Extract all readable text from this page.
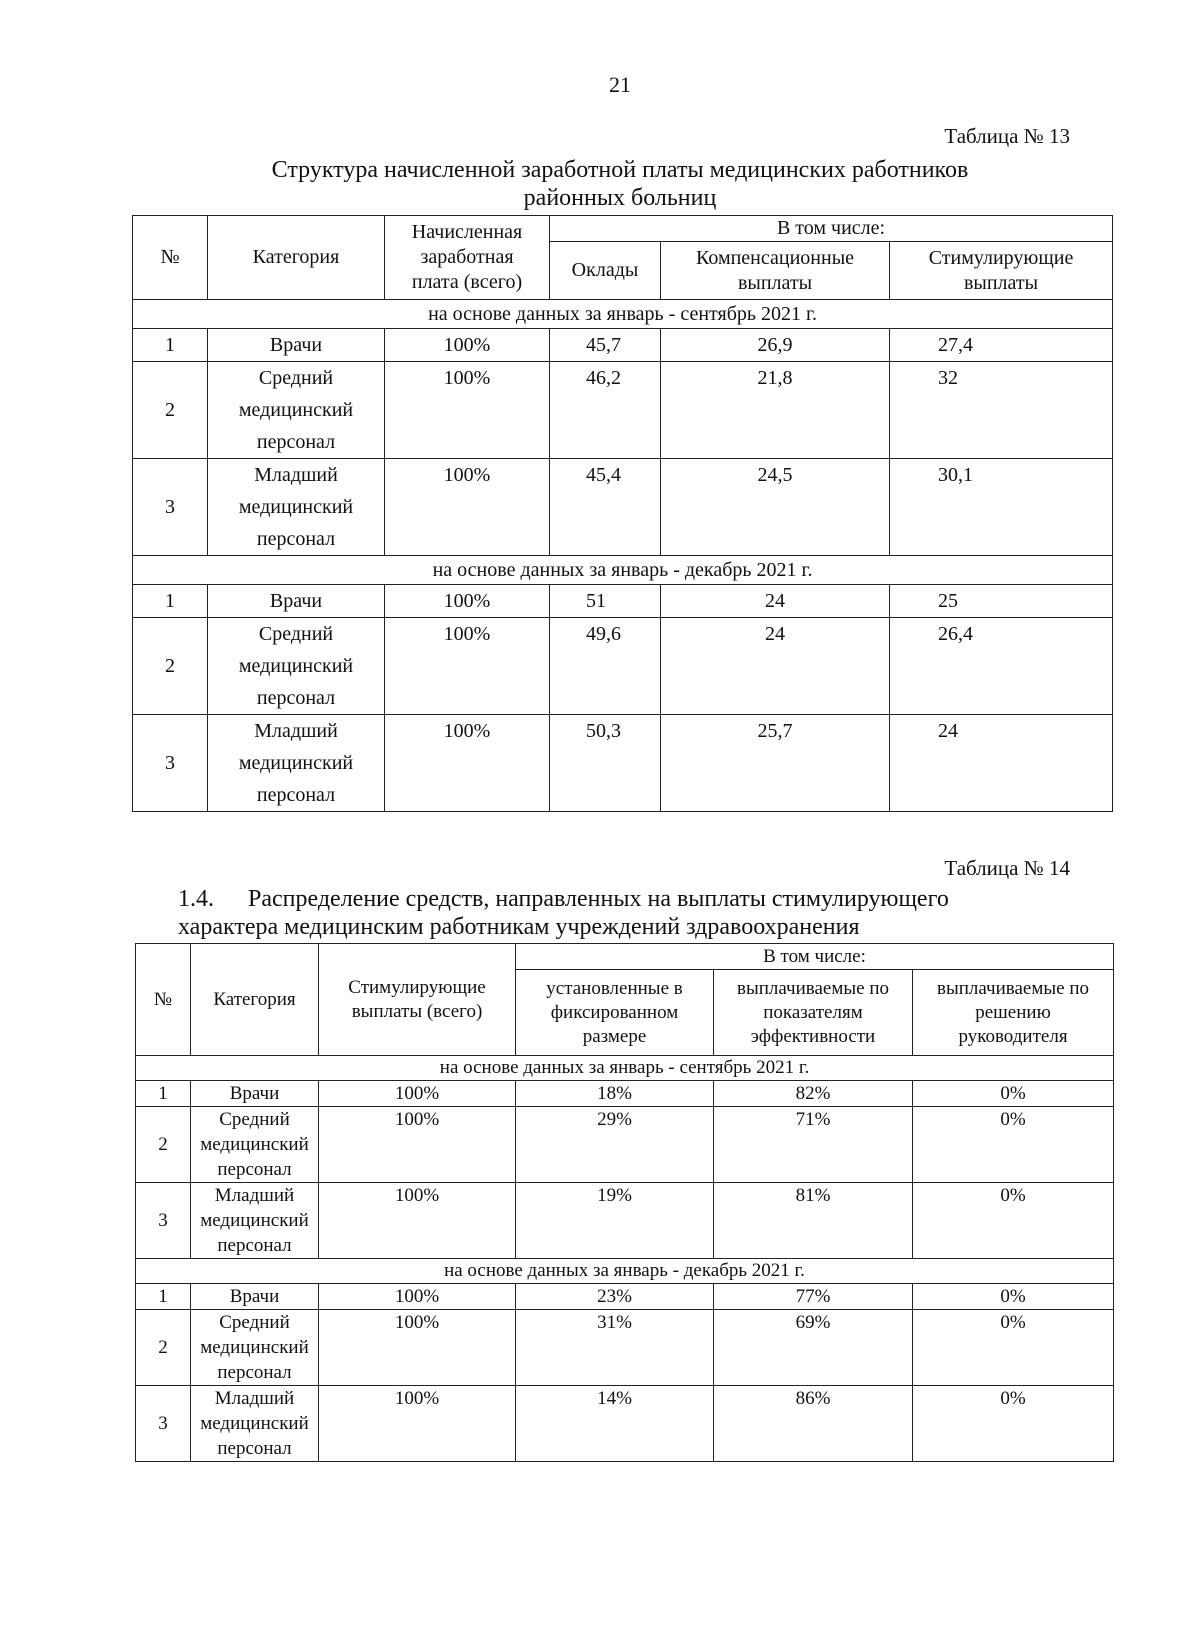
21
Таблица № 13
Структура начисленной заработной платы медицинских работников
районных больниц
№	Категория	Начисленная
заработная
плата (всего)	В том числе:		
			Оклады	Компенсационные
выплаты	Стимулирующие
выплаты

на основе данных за январь - сентябрь 2021 г.					
1	Врачи	100%	45,7	26,9	27,4
2	Средний
медицинский
персонал	100%	46,2	21,8	32
3	Младший
медицинский
персонал	100%	45,4	24,5	30,1
на основе данных за январь - декабрь 2021 г.					
1	Врачи	100%	51	24	25
2	Средний
медицинский
персонал	100%	49,6	24	26,4
3	Младший
медицинский
персонал	100%	50,3	25,7	24
Таблица № 14
1.4. Распределение средств, направленных на выплаты стимулирующего
характера медицинским работникам учреждений здравоохранения
№	Категория	Стимулирующие
выплаты (всего)	В том числе:		

			установленные в
фиксированном
размере	выплачиваемые по
показателям
эффективности	выплачиваемые по
решению
руководителя

на основе данных за январь - сентябрь 2021 г.					
1	Врачи	100%	18%	82%	0%
2	Средний
медицинский
персонал	100%	29%	71%	0%
3	Младший
медицинский
персонал	100%	19%	81%	0%
на основе данных за январь - декабрь 2021 г.					
1	Врачи	100%	23%	77%	0%
2	Средний
медицинский
персонал	100%	31%	69%	0%
3	Младший
медицинский
персонал	100%	14%	86%	0%
